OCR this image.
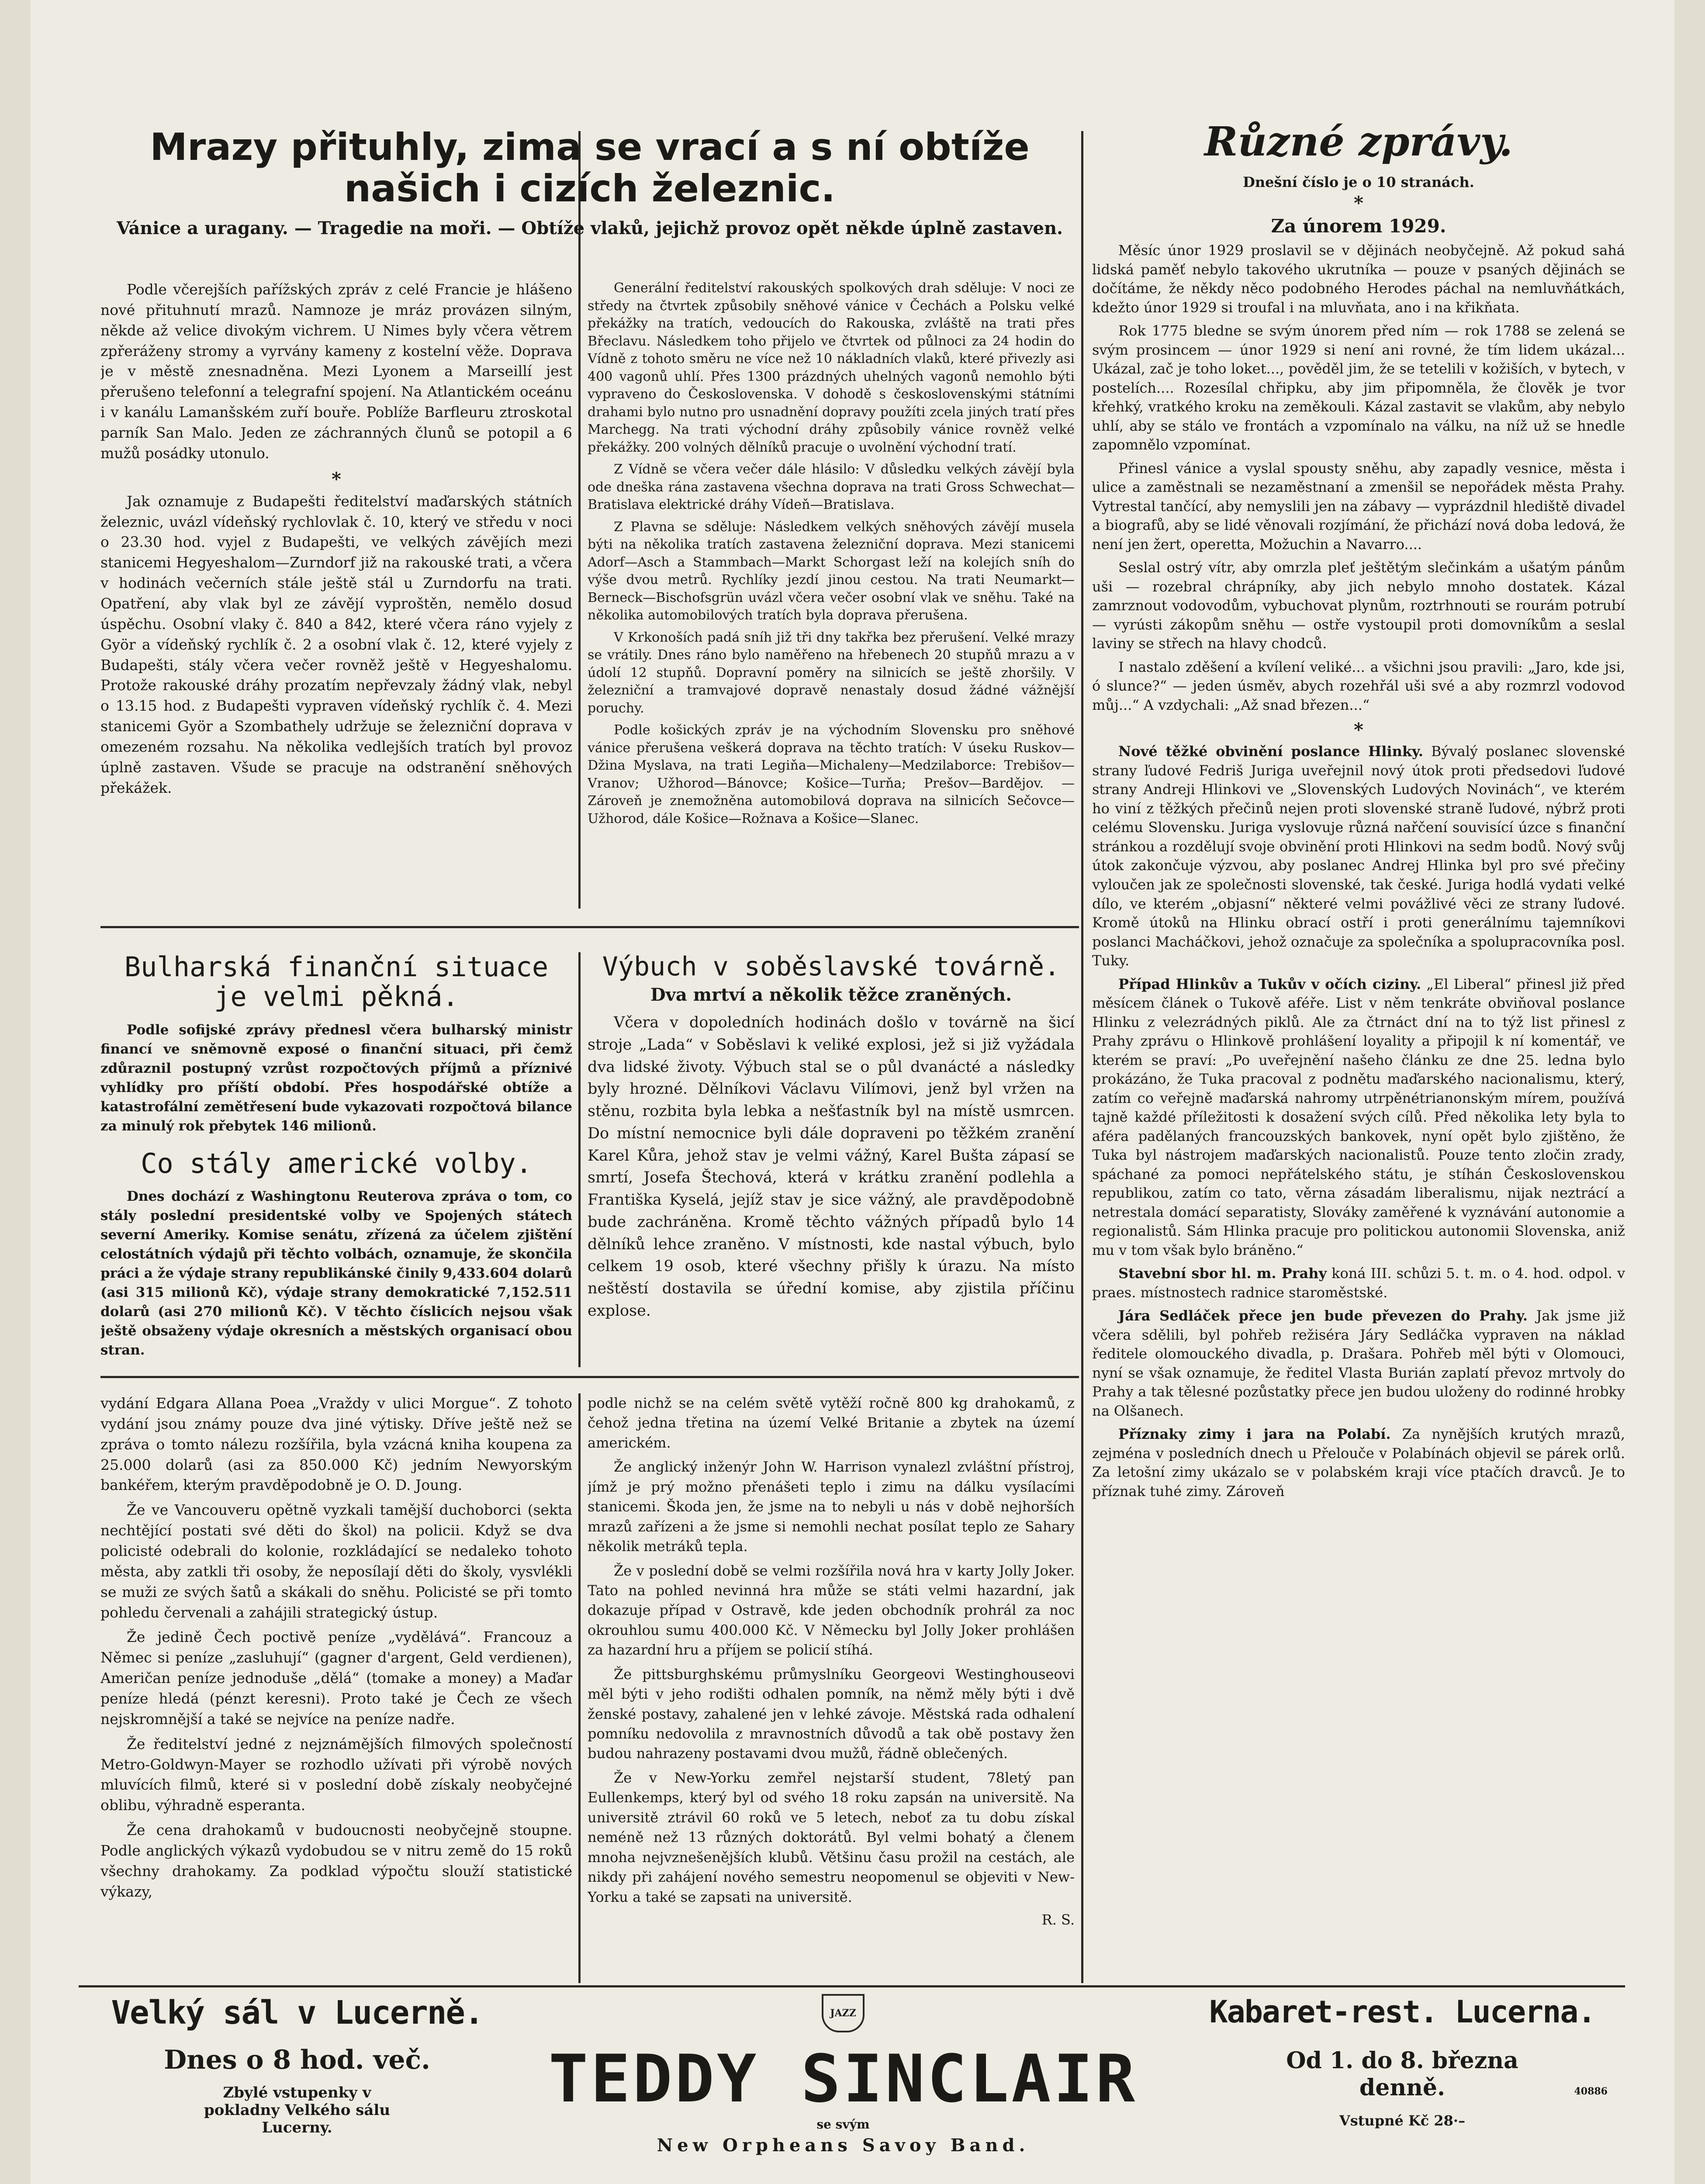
Mrazy přituhly, zima se vrací a s ní obtíže našich i cizích železnic.
Vánice a uragany. — Tragedie na moři. — Obtíže vlaků, jejichž provoz opět někde úplně zastaven.

Podle včerejších pařížských zpráv z celé Francie je hlášeno nové přituhnutí mrazů. Namnoze je mráz provázen silným, někde až velice divokým vichrem. U Nimes byly včera větrem zpřeráženy stromy a vyrvány kameny z kostelní věže. Doprava je v městě znesnadněna. Mezi Lyonem a Marseillí jest přerušeno telefonní a telegrafní spojení. Na Atlantickém oceánu i v kanálu Lamanšském zuří bouře. Poblíže Barfleuru ztroskotal parník San Malo. Jeden ze záchranných člunů se potopil a 6 mužů posádky utonulo.

*

Jak oznamuje z Budapešti ředitelství maďarských státních železnic, uvázl vídeňský rychlovlak č. 10, který ve středu v noci o 23.30 hod. vyjel z Budapešti, ve velkých závějích mezi stanicemi Hegyeshalom—Zurndorf již na rakouské trati, a včera v hodinách večerních stále ještě stál u Zurndorfu na trati. Opatření, aby vlak byl ze závějí vyproštěn, nemělo dosud úspěchu. Osobní vlaky č. 840 a 842, které včera ráno vyjely z Györ a vídeňský rychlík č. 2 a osobní vlak č. 12, které vyjely z Budapešti, stály včera večer rovněž ještě v Hegyeshalomu. Protože rakouské dráhy prozatím nepřevzaly žádný vlak, nebyl o 13.15 hod. z Budapešti vypraven vídeňský rychlík č. 4. Mezi stanicemi Györ a Szombathely udržuje se železniční doprava v omezeném rozsahu. Na několika vedlejších tratích byl provoz úplně zastaven. Všude se pracuje na odstranění sněhových překážek.

Generální ředitelství rakouských spolkových drah sděluje: V noci ze středy na čtvrtek způsobily sněhové vánice v Čechách a Polsku velké překážky na tratích, vedoucích do Rakouska, zvláště na trati přes Břeclavu. Následkem toho přijelo ve čtvrtek od půlnoci za 24 hodin do Vídně z tohoto směru ne více než 10 nákladních vlaků, které přivezly asi 400 vagonů uhlí. Přes 1300 prázdných uhelných vagonů nemohlo býti vypraveno do Československa. V dohodě s československými státními drahami bylo nutno pro usnadnění dopravy použíti zcela jiných tratí přes Marchegg. Na trati východní dráhy způsobily vánice rovněž velké překážky. 200 volných dělníků pracuje o uvolnění východní tratí.

Z Vídně se včera večer dále hlásilo: V důsledku velkých závějí byla ode dneška rána zastavena všechna doprava na trati Gross Schwechat—Bratislava elektrické dráhy Vídeň—Bratislava.

Z Plavna se sděluje: Následkem velkých sněhových závějí musela býti na několika tratích zastavena železniční doprava. Mezi stanicemi Adorf—Asch a Stammbach—Markt Schorgast leží na kolejích sníh do výše dvou metrů. Rychlíky jezdí jinou cestou. Na trati Neumarkt—Berneck—Bischofsgrün uvázl včera večer osobní vlak ve sněhu. Také na několika automobilových tratích byla doprava přerušena.

V Krkonoších padá sníh již tři dny takřka bez přerušení. Velké mrazy se vrátily. Dnes ráno bylo naměřeno na hřebenech 20 stupňů mrazu a v údolí 12 stupňů. Dopravní poměry na silnicích se ještě zhoršily. V železniční a tramvajové dopravě nenastaly dosud žádné vážnější poruchy.

Podle košických zpráv je na východním Slovensku pro sněhové vánice přerušena veškerá doprava na těchto tratích: V úseku Ruskov—Džina Myslava, na trati Legiňa—Michaleny—Medzilaborce: Trebišov—Vranov; Užhorod—Bánovce; Košice—Turňa; Prešov—Bardějov. — Zároveň je znemožněna automobilová doprava na silnicích Sečovce—Užhorod, dále Košice—Rožnava a Košice—Slanec.

Bulharská finanční situace je velmi pěkná.

Podle sofijské zprávy přednesl včera bulharský ministr financí ve sněmovně exposé o finanční situaci, při čemž zdůraznil postupný vzrůst rozpočtových příjmů a příznivé vyhlídky pro příští období. Přes hospodářské obtíže a katastrofální zemětřesení bude vykazovati rozpočtová bilance za minulý rok přebytek 146 milionů.

Co stály americké volby.

Dnes dochází z Washingtonu Reuterova zpráva o tom, co stály poslední presidentské volby ve Spojených státech severní Ameriky. Komise senátu, zřízená za účelem zjištění celostátních výdajů při těchto volbách, oznamuje, že skončila práci a že výdaje strany republikánské činily 9,433.604 dolarů (asi 315 milionů Kč), výdaje strany demokratické 7,152.511 dolarů (asi 270 milionů Kč). V těchto číslicích nejsou však ještě obsaženy výdaje okresních a městských organisací obou stran.

Výbuch v soběslavské továrně.
Dva mrtví a několik těžce zraněných.

Včera v dopoledních hodinách došlo v továrně na šicí stroje „Lada“ v Soběslavi k veliké explosi, jež si již vyžádala dva lidské životy. Výbuch stal se o půl dvanácté a následky byly hrozné. Dělníkovi Václavu Vilímovi, jenž byl vržen na stěnu, rozbita byla lebka a nešťastník byl na místě usmrcen. Do místní nemocnice byli dále dopraveni po těžkém zranění Karel Kůra, jehož stav je velmi vážný, Karel Bušta zápasí se smrtí, Josefa Štechová, která v krátku zranění podlehla a Františka Kyselá, jejíž stav je sice vážný, ale pravděpodobně bude zachráněna. Kromě těchto vážných případů bylo 14 dělníků lehce zraněno. V místnosti, kde nastal výbuch, bylo celkem 19 osob, které všechny přišly k úrazu. Na místo neštěstí dostavila se úřední komise, aby zjistila příčinu explose.

vydání Edgara Allana Poea „Vraždy v ulici Morgue“. Z tohoto vydání jsou známy pouze dva jiné výtisky. Dříve ještě než se zpráva o tomto nálezu rozšířila, byla vzácná kniha koupena za 25.000 dolarů (asi za 850.000 Kč) jedním Newyorským bankéřem, kterým pravděpodobně je O. D. Joung.

Že ve Vancouveru opětně vyzkali tamější duchoborci (sekta nechtějící postati své děti do škol) na policii. Když se dva policisté odebrali do kolonie, rozkládající se nedaleko tohoto města, aby zatkli tři osoby, že neposílají děti do školy, vysvlékli se muži ze svých šatů a skákali do sněhu. Policisté se při tomto pohledu červenali a zahájili strategický ústup.

Že jedině Čech poctivě peníze „vydělává“. Francouz a Němec si peníze „zasluhují“ (gagner d'argent, Geld verdienen), Američan peníze jednoduše „dělá“ (tomake a money) a Maďar peníze hledá (pénzt keresni). Proto také je Čech ze všech nejskromnější a také se nejvíce na peníze nadře.

Že ředitelství jedné z nejznámějších filmových společností Metro-Goldwyn-Mayer se rozhodlo užívati při výrobě nových mluvících filmů, které si v poslední době získaly neobyčejné oblibu, výhradně esperanta.

Že cena drahokamů v budoucnosti neobyčejně stoupne. Podle anglických výkazů vydobudou se v nitru země do 15 roků všechny drahokamy. Za podklad výpočtu slouží statistické výkazy,

podle nichž se na celém světě vytěží ročně 800 kg drahokamů, z čehož jedna třetina na území Velké Britanie a zbytek na území americkém.

Že anglický inženýr John W. Harrison vynalezl zvláštní přístroj, jímž je prý možno přenášeti teplo i zimu na dálku vysílacími stanicemi. Škoda jen, že jsme na to nebyli u nás v době nejhorších mrazů zařízeni a že jsme si nemohli nechat posílat teplo ze Sahary několik metráků tepla.

Že v poslední době se velmi rozšířila nová hra v karty Jolly Joker. Tato na pohled nevinná hra může se státi velmi hazardní, jak dokazuje případ v Ostravě, kde jeden obchodník prohrál za noc okrouhlou sumu 400.000 Kč. V Německu byl Jolly Joker prohlášen za hazardní hru a příjem se policií stíhá.

Že pittsburghskému průmyslníku Georgeovi Westinghouseovi měl býti v jeho rodišti odhalen pomník, na němž měly býti i dvě ženské postavy, zahalené jen v lehké závoje. Městská rada odhalení pomníku nedovolila z mravnostních důvodů a tak obě postavy žen budou nahrazeny postavami dvou mužů, řádně oblečených.

Že v New-Yorku zemřel nejstarší student, 78letý pan Eullenkemps, který byl od svého 18 roku zapsán na universitě. Na universitě ztrávil 60 roků ve 5 letech, neboť za tu dobu získal neméně než 13 různých doktorátů. Byl velmi bohatý a členem mnoha nejvznešenějších klubů. Většinu času prožil na cestách, ale nikdy při zahájení nového semestru neopomenul se objeviti v New-Yorku a také se zapsati na universitě.

R. S.
Různé zprávy.
Dnešní číslo je o 10 stranách.
*
Za únorem 1929.

Měsíc únor 1929 proslavil se v dějinách neobyčejně. Až pokud sahá lidská paměť nebylo takového ukrutníka — pouze v psaných dějinách se dočítáme, že někdy něco podobného Herodes páchal na nemluvňátkách, kdežto únor 1929 si troufal i na mluvňata, ano i na křikňata.

Rok 1775 bledne se svým únorem před ním — rok 1788 se zelená se svým prosincem — únor 1929 si není ani rovné, že tím lidem ukázal... Ukázal, zač je toho loket..., pověděl jim, že se tetelili v kožiších, v bytech, v postelích.... Rozesílal chřipku, aby jim připomněla, že člověk je tvor křehký, vratkého kroku na zeměkouli. Kázal zastavit se vlakům, aby nebylo uhlí, aby se stálo ve frontách a vzpomínalo na válku, na níž už se hnedle zapomnělo vzpomínat.

Přinesl vánice a vyslal spousty sněhu, aby zapadly vesnice, města i ulice a zaměstnali se nezaměstnaní a zmenšil se nepořádek města Prahy. Vytrestal tančící, aby nemyslili jen na zábavy — vyprázdnil hlediště divadel a biografů, aby se lidé věnovali rozjímání, že přichází nová doba ledová, že není jen žert, operetta, Možuchin a Navarro....

Seslal ostrý vítr, aby omrzla pleť ještětým slečinkám a ušatým pánům uši — rozebral chrápníky, aby jich nebylo mnoho dostatek. Kázal zamrznout vodovodům, vybuchovat plynům, roztrhnouti se rourám potrubí — vyrústi zákopům sněhu — ostře vystoupil proti domovníkům a seslal laviny se střech na hlavy chodců.

I nastalo zděšení a kvílení veliké... a všichni jsou pravili: „Jaro, kde jsi, ó slunce?“ — jeden úsměv, abych rozehřál uši své a aby rozmrzl vodovod můj...“ A vzdychali: „Až snad březen...“

*

Nové těžké obvinění poslance Hlinky. Bývalý poslanec slovenské strany ľudové Fedriš Juriga uveřejnil nový útok proti předsedovi ľudové strany Andreji Hlinkovi ve „Slovenských Ludových Novinách“, ve kterém ho viní z těžkých přečinů nejen proti slovenské straně ľudové, nýbrž proti celému Slovensku. Juriga vyslovuje různá nařčení souvisící úzce s finanční stránkou a rozdělují svoje obvinění proti Hlinkovi na sedm bodů. Nový svůj útok zakončuje výzvou, aby poslanec Andrej Hlinka byl pro své přečiny vyloučen jak ze společnosti slovenské, tak české. Juriga hodlá vydati velké dílo, ve kterém „objasní“ některé velmi povážlivé věci ze strany ľudové. Kromě útoků na Hlinku obrací ostří i proti generálnímu tajemníkovi poslanci Macháčkovi, jehož označuje za společníka a spolupracovníka posl. Tuky.

Případ Hlinkův a Tukův v očích ciziny. „El Liberal“ přinesl již před měsícem článek o Tukově aféře. List v něm tenkráte obviňoval poslance Hlinku z velezrádných piklů. Ale za čtrnáct dní na to týž list přinesl z Prahy zprávu o Hlinkově prohlášení loyality a připojil k ní komentář, ve kterém se praví: „Po uveřejnění našeho článku ze dne 25. ledna bylo prokázáno, že Tuka pracoval z podnětu maďarského nacionalismu, který, zatím co veřejně maďarská nahromy utrpěnétrianonským mírem, používá tajně každé příležitosti k dosažení svých cílů. Před několika lety byla to aféra padělaných francouzských bankovek, nyní opět bylo zjištěno, že Tuka byl nástrojem maďarských nacionalistů. Pouze tento zločin zrady, spáchané za pomoci nepřátelského státu, je stíhán Československou republikou, zatím co tato, věrna zásadám liberalismu, nijak neztrácí a netrestala domácí separatisty, Slováky zaměřené k vyznávání autonomie a regionalistů. Sám Hlinka pracuje pro politickou autonomii Slovenska, aniž mu v tom však bylo bráněno.“

Stavební sbor hl. m. Prahy koná III. schůzi 5. t. m. o 4. hod. odpol. v praes. místnostech radnice staroměstské.

Jára Sedláček přece jen bude převezen do Prahy. Jak jsme již včera sdělili, byl pohřeb režiséra Járy Sedláčka vypraven na náklad ředitele olomouckého divadla, p. Drašara. Pohřeb měl býti v Olomouci, nyní se však oznamuje, že ředitel Vlasta Burián zaplatí převoz mrtvoly do Prahy a tak tělesné pozůstatky přece jen budou uloženy do rodinné hrobky na Olšanech.

Příznaky zimy i jara na Polabí. Za nynějších krutých mrazů, zejména v posledních dnech u Přelouče v Polabínách objevil se párek orlů. Za letošní zimy ukázalo se v polabském kraji více ptačích dravců. Je to příznak tuhé zimy. Zároveň

Velký sál v Lucerně.
Dnes o 8 hod. več.
Zbylé vstupenky v pokladny Velkého sálu Lucerny.
JAZZ
TEDDY SINCLAIR
se svým
New Orpheans Savoy Band.
Kabaret-rest. Lucerna.
Od 1. do 8. března denně.
Vstupné Kč 28·–
40886
